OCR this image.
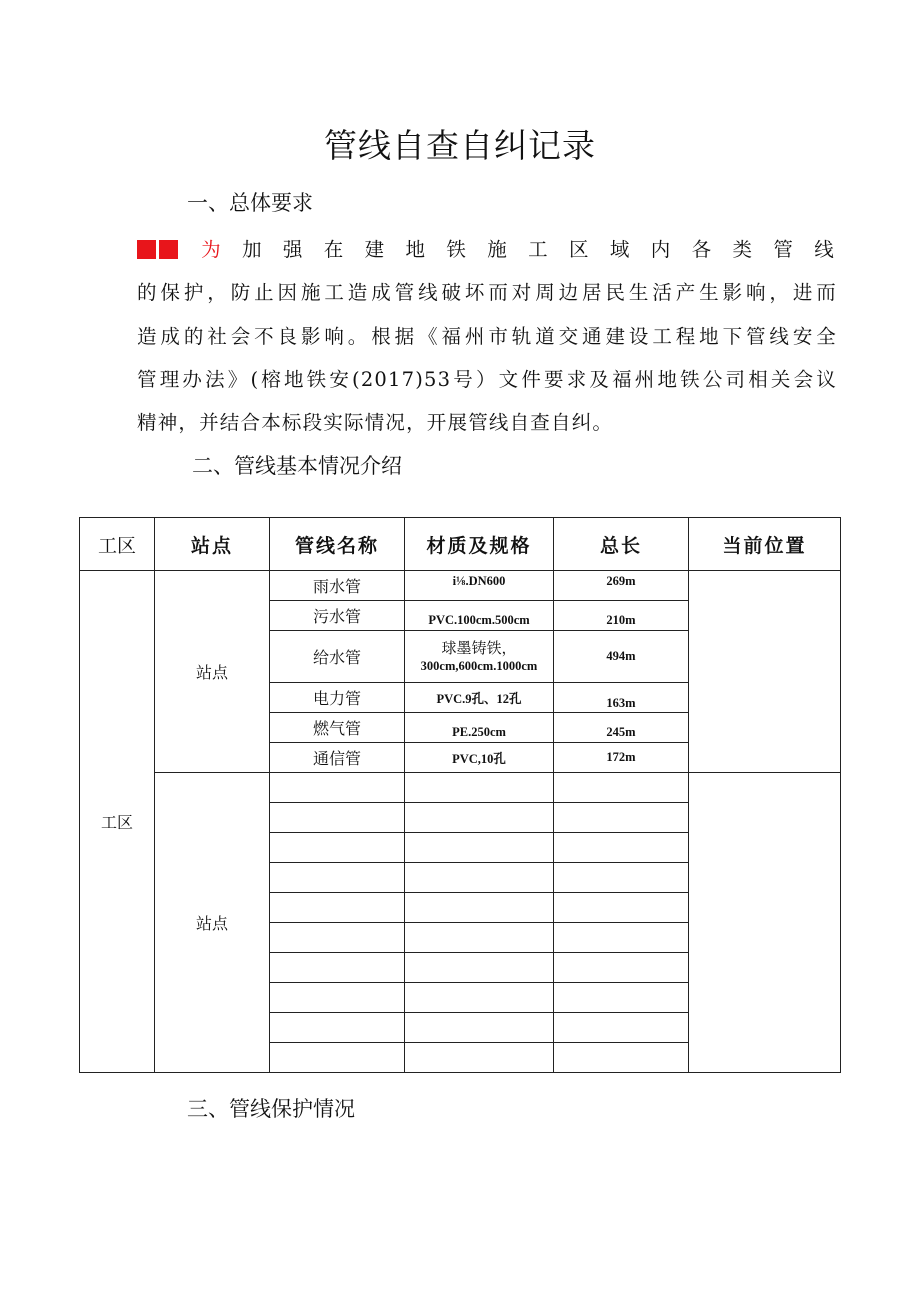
管线自查自纠记录
一、总体要求
为加强在建地铁施工区域内各类管线
的保护，防止因施工造成管线破坏而对周边居民生活产生影响，进而
造成的社会不良影响。根据《福州市轨道交通建设工程地下管线安全
管理办法》(榕地铁安(2017)53号）文件要求及福州地铁公司相关会议
精神，并结合本标段实际情况，开展管线自查自纠。
二、管线基本情况介绍
工区	站点	管线名称	材质及规格	总长	当前位置
工区	站点	雨水管	i⅛.DN600	269m	
		污水管	PVC.100cm.500cm	210m	
		给水管	球墨铸铁，
300cm,600cm.1000cm	494m	
		电力管	PVC.9孔、12孔	163m	
		燃气管	PE.250cm	245m	
		通信管	PVC,10孔	172m	
	站点				

三、管线保护情况
